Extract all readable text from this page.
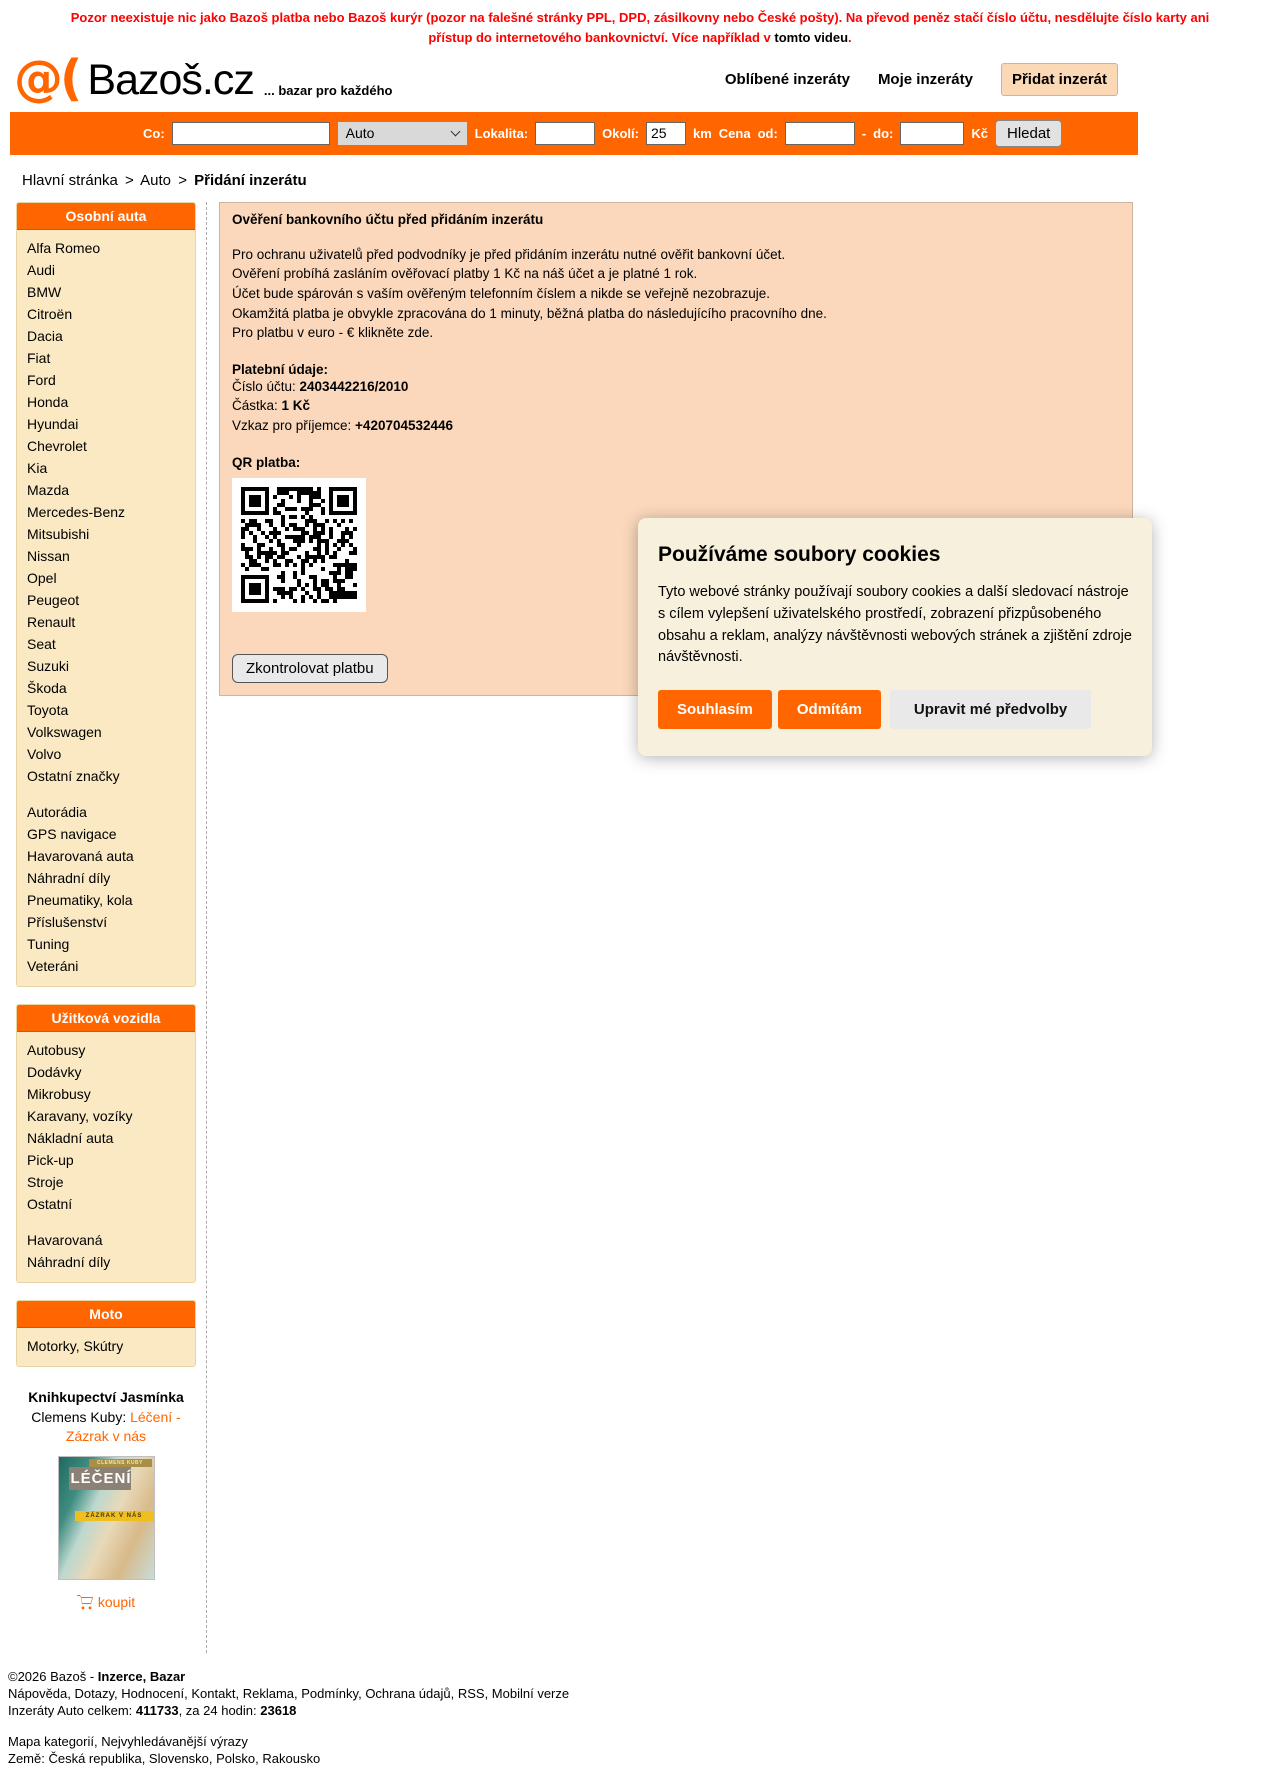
Pozor neexistuje nic jako Bazoš platba nebo Bazoš kurýr (pozor na falešné stránky PPL, DPD, zásilkovny nebo České pošty). Na převod peněz stačí číslo účtu, nesdělujte číslo karty ani přístup do internetového bankovnictví. Více například v tomto videu.
@( Bazoš.cz ... bazar pro každého
Oblíbené inzeráty Moje inzeráty	Přidat inzerát
Co:	Auto	Lokalita:	Okolí:
25	km Cena od:	- do:	Kč	Hledat
Hlavní stránka > Auto > Přidání inzerátu
Osobní auta
Alfa Romeo
Audi
BMW
Citroën
Dacia
Fiat
Ford
Honda
Hyundai
Chevrolet
Kia
Mazda
Mercedes-Benz
Mitsubishi
Nissan
Opel
Peugeot
Renault
Seat
Suzuki
Škoda
Toyota
Volkswagen
Volvo
Ostatní značky
Autorádia
GPS navigace
Havarovaná auta
Náhradní díly
Pneumatiky, kola
Příslušenství
Tuning
Veteráni
Užitková vozidla
Autobusy
Dodávky
Mikrobusy
Karavany, vozíky
Nákladní auta
Pick-up
Stroje
Ostatní
Havarovaná
Náhradní díly
Moto
Motorky, Skútry
Knihkupectví Jasmínka
Clemens Kuby: Léčení - Zázrak v nás
CLEMENS KUBY
LÉČENÍ
ZÁZRAK V NÁS
koupit
Ověření bankovního účtu před přidáním inzerátu
Pro ochranu uživatelů před podvodníky je před přidáním inzerátu nutné ověřit bankovní účet.
Ověření probíhá zasláním ověřovací platby 1 Kč na náš účet a je platné 1 rok.
Účet bude spárován s vaším ověřeným telefonním číslem a nikde se veřejně nezobrazuje.
Okamžitá platba je obvykle zpracována do 1 minuty, běžná platba do následujícího pracovního dne.
Pro platbu v euro - € klikněte zde.
Platební údaje:
Číslo účtu: 2403442216/2010
Částka: 1 Kč
Vzkaz pro příjemce: +420704532446
QR platba:
Zkontrolovat platbu
Používáme soubory cookies
Tyto webové stránky používají soubory cookies a další sledovací nástroje s cílem vylepšení uživatelského prostředí, zobrazení přizpůsobeného obsahu a reklam, analýzy návštěvnosti webových stránek a zjištění zdroje návštěvnosti.
Souhlasím	Odmítám	Upravit mé předvolby
©2026 Bazoš - Inzerce, Bazar
Nápověda, Dotazy, Hodnocení, Kontakt, Reklama, Podmínky, Ochrana údajů, RSS, Mobilní verze
Inzeráty Auto celkem: 411733, za 24 hodin: 23618
Mapa kategorií, Nejvyhledávanější výrazy
Země: Česká republika, Slovensko, Polsko, Rakousko
